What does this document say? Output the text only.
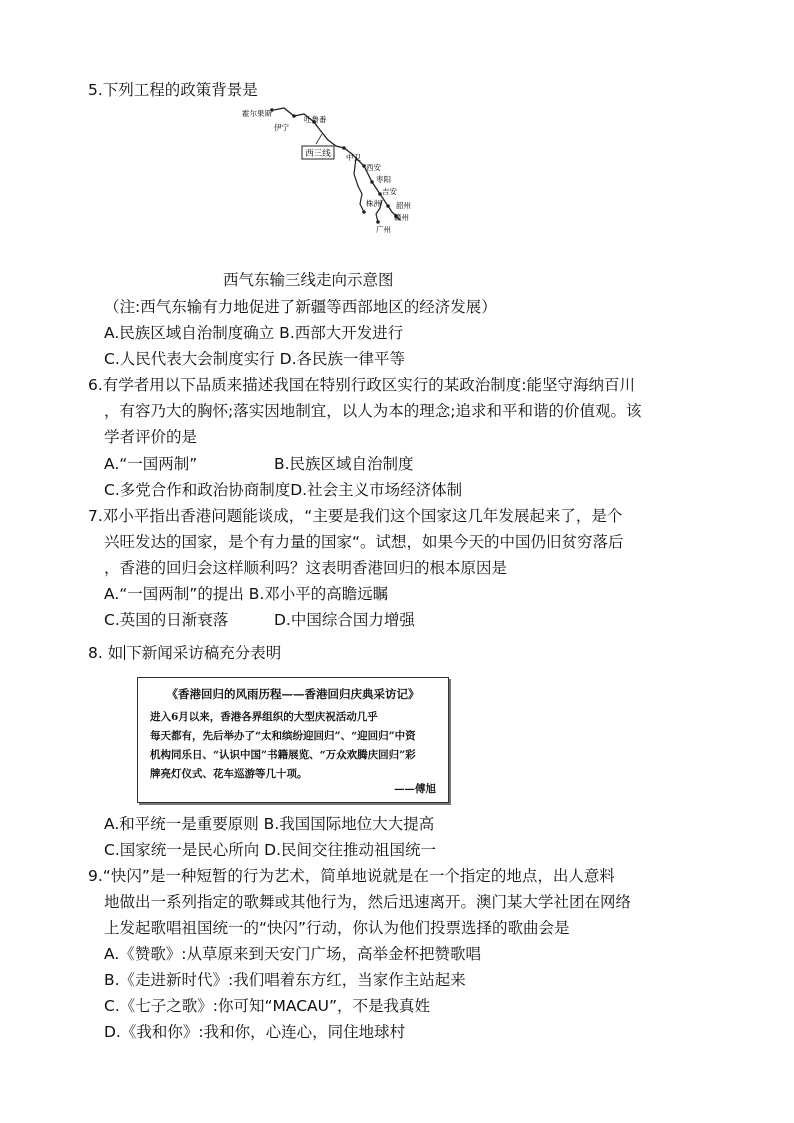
5.下列工程的政策背景是
西三线
霍尔果斯
伊宁
吐鲁番
中卫
西安
枣阳
吉安
株洲 韶州
赣州
广州
西气东输三线走向示意图
（注:西气东输有力地促进了新疆等西部地区的经济发展）
A.民族区域自治制度确立 B.西部大开发进行
C.人民代表大会制度实行 D.各民族一律平等
6.有学者用以下品质来描述我国在特别行政区实行的某政治制度:能坚守海纳百川
，有容乃大的胸怀;落实因地制宜，以人为本的理念;追求和平和谐的价值观。该
学者评价的是
A.“一国两制”	B.民族区域自治制度
C.多党合作和政治协商制度D.社会主义市场经济体制
7.邓小平指出香港问题能谈成，“主要是我们这个国家这几年发展起来了，是个
兴旺发达的国家，是个有力量的国家“。试想，如果今天的中国仍旧贫穷落后
，香港的回归会这样顺利吗？这表明香港回归的根本原因是
A.“一国两制”的提出 B.邓小平的高瞻远瞩
C.英国的日渐衰落	D.中国综合国力增强
8. 如 下新闻采访稿充分表明
《香港回归的风雨历程——香港回归庆典采访记》
进入6月以来，香港各界组织的大型庆祝活动几乎
每天都有，先后举办了“太和缤纷迎回归”、“迎回归”中资
机构同乐日、“认识中国”书籍展览、“万众欢腾庆回归”彩
牌亮灯仪式、花车巡游等几十项。
——傅旭
A.和平统一是重要原则 B.我国国际地位大大提高
C.国家统一是民心所向 D.民间交往推动祖国统一
9.“快闪”是一种短暂的行为艺术，简单地说就是在一个指定的地点，出人意料
地做出一系列指定的歌舞或其他行为，然后迅速离开。澳门某大学社团在网络
上发起歌唱祖国统一的“快闪”行动，你认为他们投票选择的歌曲会是
A.《赞歌》:从草原来到天安门广场，高举金杯把赞歌唱
B.《走进新时代》:我们唱着东方红，当家作主站起来
C.《七子之歌》:你可知“MACAU”，不是我真姓
D.《我和你》:我和你，心连心，同住地球村
